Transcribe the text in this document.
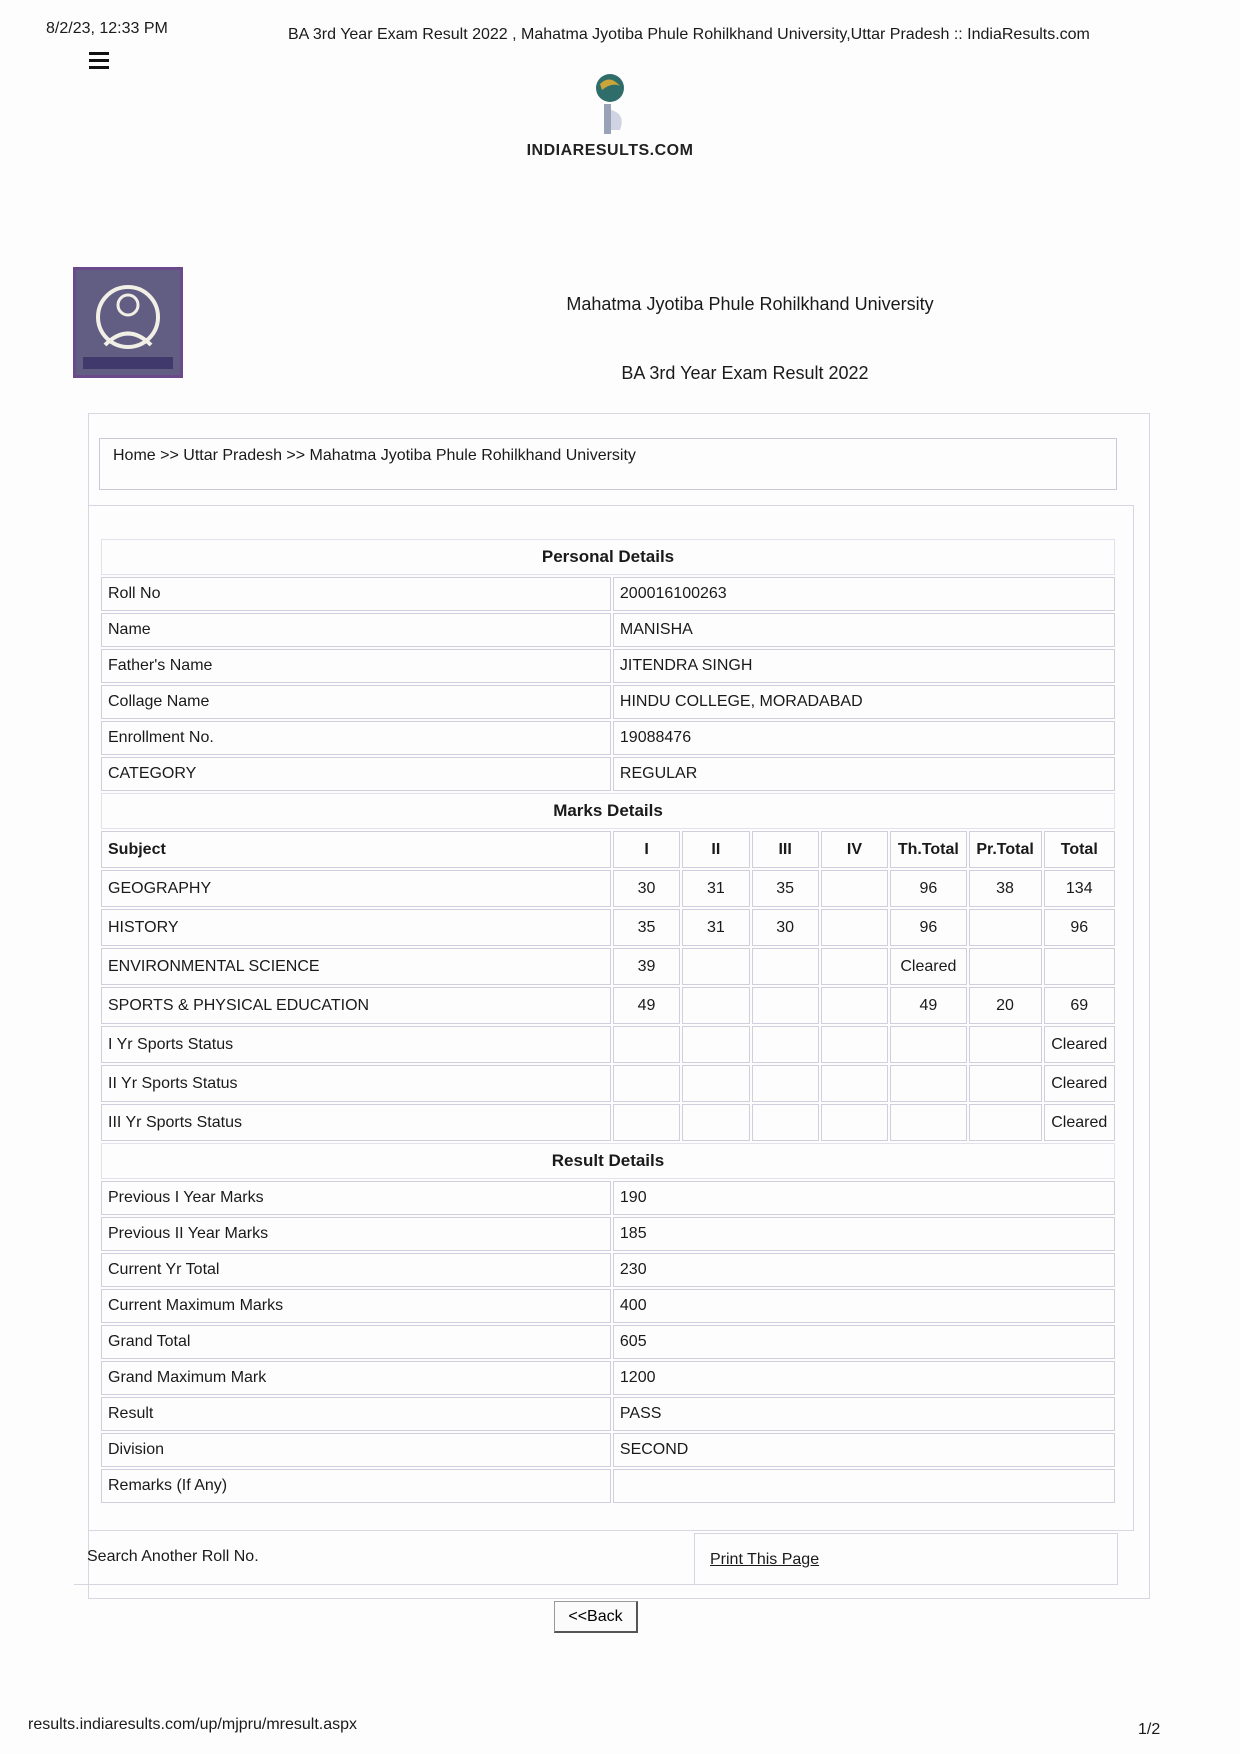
8/2/23, 12:33 PM	BA 3rd Year Exam Result 2022 , Mahatma Jyotiba Phule Rohilkhand University,Uttar Pradesh :: IndiaResults.com
INDIARESULTS.COM
Mahatma Jyotiba Phule Rohilkhand University
BA 3rd Year Exam Result 2022
Home >> Uttar Pradesh >> Mahatma Jyotiba Phule Rohilkhand University
Personal Details							
Roll No	200016100263						
Name	MANISHA						
Father's Name	JITENDRA SINGH						
Collage Name	HINDU COLLEGE, MORADABAD						
Enrollment No.	19088476						
CATEGORY	REGULAR						
Marks Details							
Subject	I	II	III	IV	Th.Total	Pr.Total	Total
GEOGRAPHY	30	31	35		96	38	134
HISTORY	35	31	30		96		96
ENVIRONMENTAL SCIENCE	39				Cleared		
SPORTS & PHYSICAL EDUCATION	49				49	20	69
I Yr Sports Status							Cleared
II Yr Sports Status							Cleared
III Yr Sports Status							Cleared
Result Details							
Previous I Year Marks	190						
Previous II Year Marks	185						
Current Yr Total	230						
Current Maximum Marks	400						
Grand Total	605						
Grand Maximum Mark	1200						
Result	PASS						
Division	SECOND						
Remarks (If Any)							
Search Another Roll No.	Print This Page
<<Back
results.indiaresults.com/up/mjpru/mresult.aspx	1/2
